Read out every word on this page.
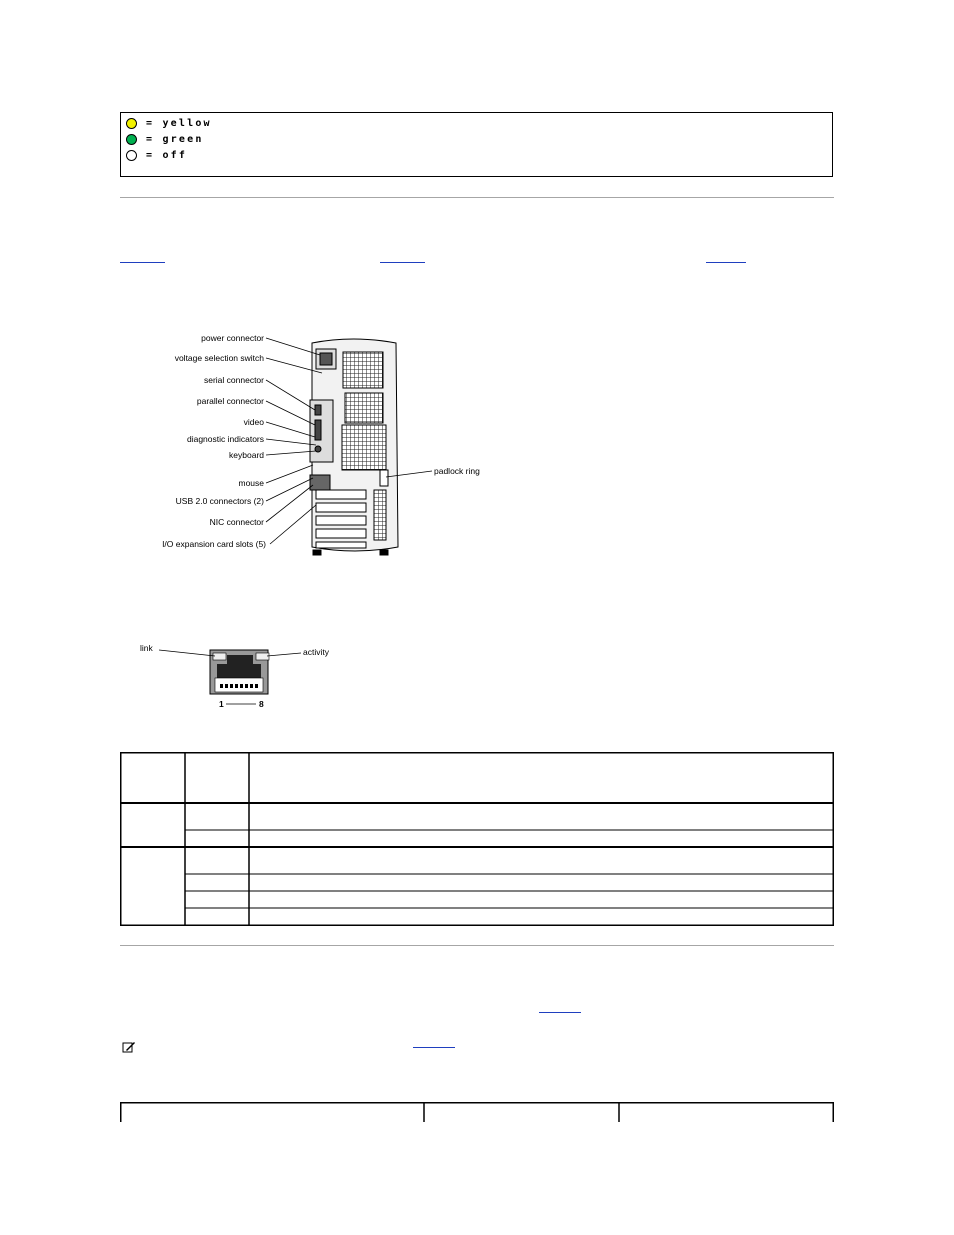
= yellow
= green
= off
power connector
voltage selection switch
serial connector
parallel connector
video
diagnostic indicators
keyboard
mouse
USB 2.0 connectors (2)
NIC connector
I/O expansion card slots (5)
padlock ring
link	activity
1	8
